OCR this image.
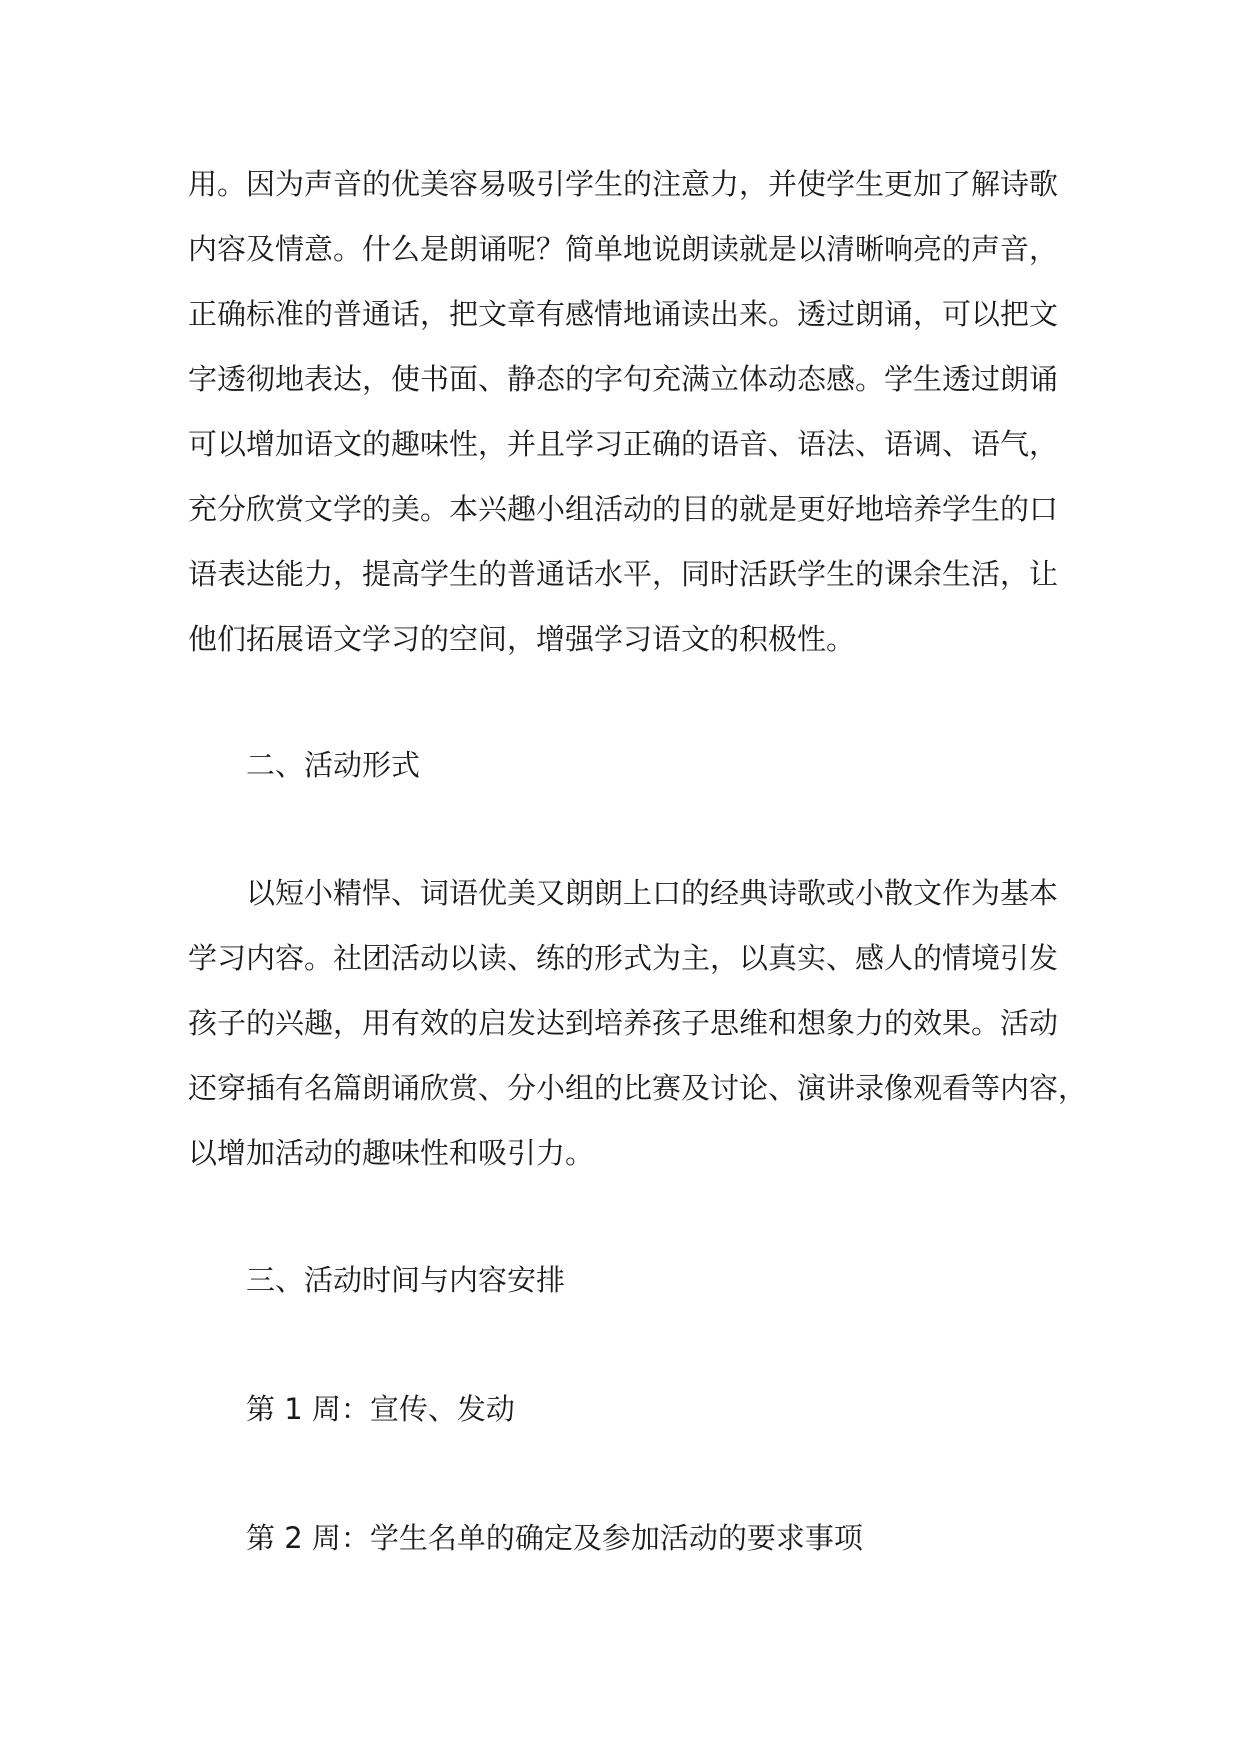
用。因为声音的优美容易吸引学生的注意力，并使学生更加了解诗歌
内容及情意。什么是朗诵呢？简单地说朗读就是以清晰响亮的声音，
正确标准的普通话，把文章有感情地诵读出来。透过朗诵，可以把文
字透彻地表达，使书面、静态的字句充满立体动态感。学生透过朗诵
可以增加语文的趣味性，并且学习正确的语音、语法、语调、语气，
充分欣赏文学的美。本兴趣小组活动的目的就是更好地培养学生的口
语表达能力，提高学生的普通话水平，同时活跃学生的课余生活，让
他们拓展语文学习的空间，增强学习语文的积极性。
二、活动形式
以短小精悍、词语优美又朗朗上口的经典诗歌或小散文作为基本
学习内容。社团活动以读、练的形式为主，以真实、感人的情境引发
孩子的兴趣，用有效的启发达到培养孩子思维和想象力的效果。活动
还穿插有名篇朗诵欣赏、分小组的比赛及讨论、演讲录像观看等内容，
以增加活动的趣味性和吸引力。
三、活动时间与内容安排
第 1 周：宣传、发动
第 2 周：学生名单的确定及参加活动的要求事项
